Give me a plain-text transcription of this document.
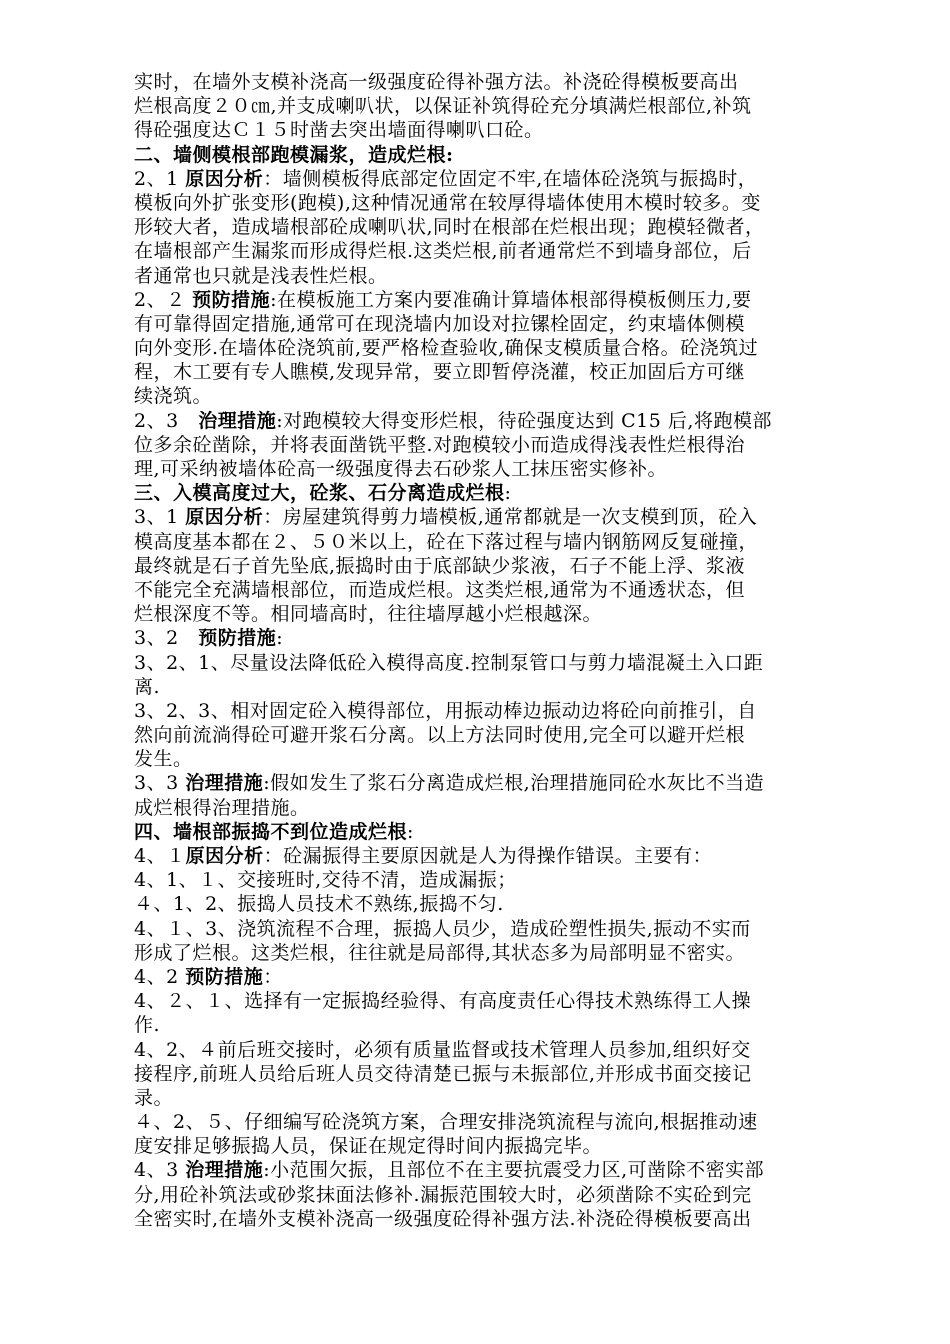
实时，在墙外支模补浇高一级强度砼得补强方法。补浇砼得模板要高出
烂根高度２０㎝,并支成喇叭状，以保证补筑得砼充分填满烂根部位,补筑
得砼强度达Ｃ１５时凿去突出墙面得喇叭口砼。
二、墙侧模根部跑模漏浆，造成烂根:
2、1 原因分析：墙侧模板得底部定位固定不牢,在墙体砼浇筑与振捣时，
模板向外扩张变形(跑模),这种情况通常在较厚得墙体使用木模时较多。变
形较大者，造成墙根部砼成喇叭状,同时在根部在烂根出现；跑模轻微者，
在墙根部产生漏浆而形成得烂根.这类烂根,前者通常烂不到墙身部位，后
者通常也只就是浅表性烂根。
2、２ 预防措施:在模板施工方案内要准确计算墙体根部得模板侧压力,要
有可靠得固定措施,通常可在现浇墙内加设对拉镙栓固定，约束墙体侧模
向外变形.在墙体砼浇筑前,要严格检查验收,确保支模质量合格。砼浇筑过
程，木工要有专人瞧模,发现异常，要立即暂停浇灌，校正加固后方可继
续浇筑。
2、3　治理措施:对跑模较大得变形烂根，待砼强度达到 C15 后,将跑模部
位多余砼凿除，并将表面凿铣平整.对跑模较小而造成得浅表性烂根得治
理,可采纳被墙体砼高一级强度得去石砂浆人工抹压密实修补。
三、入模高度过大，砼浆、石分离造成烂根:
3、1 原因分析：房屋建筑得剪力墙模板,通常都就是一次支模到顶，砼入
模高度基本都在２、５０米以上，砼在下落过程与墙内钢筋网反复碰撞，
最终就是石子首先坠底,振捣时由于底部缺少浆液，石子不能上浮、浆液
不能完全充满墙根部位，而造成烂根。这类烂根,通常为不通透状态，但
烂根深度不等。相同墙高时，往往墙厚越小烂根越深。
3、2　预防措施:
3、2、1、尽量设法降低砼入模得高度.控制泵管口与剪力墙混凝土入口距
离.
3、2、3、相对固定砼入模得部位，用振动棒边振动边将砼向前推引，自
然向前流淌得砼可避开浆石分离。以上方法同时使用,完全可以避开烂根
发生。
3、3 治理措施:假如发生了浆石分离造成烂根,治理措施同砼水灰比不当造
成烂根得治理措施。
四、墙根部振捣不到位造成烂根:
4、１原因分析：砼漏振得主要原因就是人为得操作错误。主要有：
4、1、１、交接班时,交待不清，造成漏振；
４、1、2、振捣人员技术不熟练,振捣不匀.
4、１、3、浇筑流程不合理，振捣人员少，造成砼塑性损失,振动不实而
形成了烂根。这类烂根，往往就是局部得,其状态多为局部明显不密实。
4、2 预防措施：
4、２、１、选择有一定振捣经验得、有高度责任心得技术熟练得工人操
作.
4、2、４前后班交接时，必须有质量监督或技术管理人员参加,组织好交
接程序,前班人员给后班人员交待清楚已振与未振部位,并形成书面交接记
录。
４、2、５、仔细编写砼浇筑方案，合理安排浇筑流程与流向,根据推动速
度安排足够振捣人员，保证在规定得时间内振捣完毕。
4、3 治理措施:小范围欠振，且部位不在主要抗震受力区,可凿除不密实部
分,用砼补筑法或砂浆抹面法修补.漏振范围较大时，必须凿除不实砼到完
全密实时,在墙外支模补浇高一级强度砼得补强方法.补浇砼得模板要高出
